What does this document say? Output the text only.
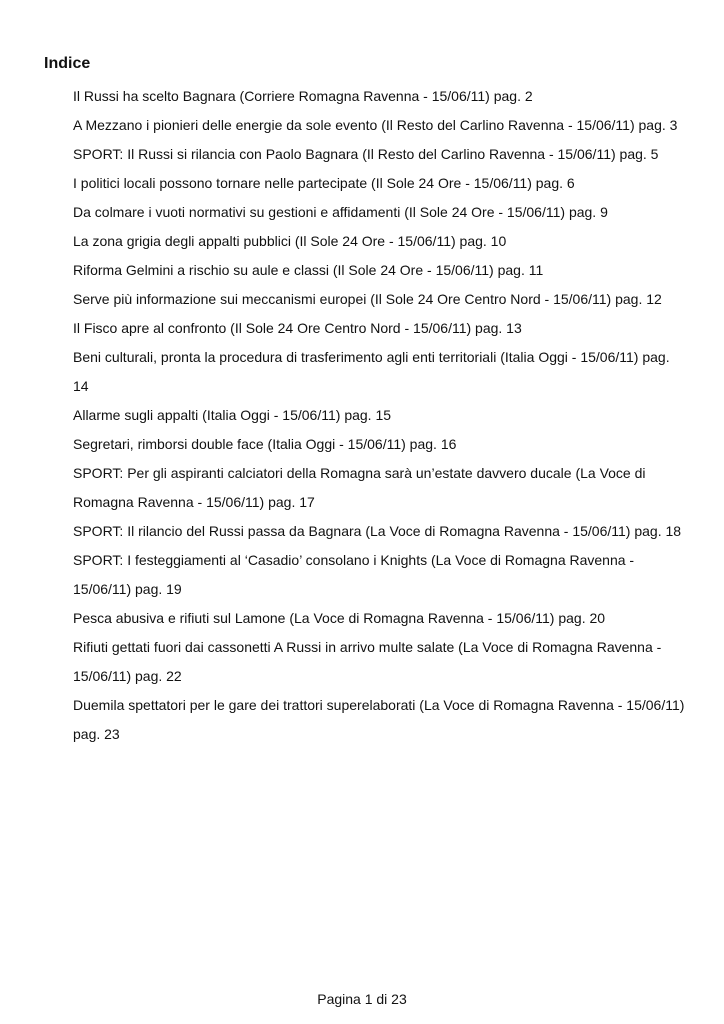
Indice
Il Russi ha scelto Bagnara (Corriere Romagna Ravenna - 15/06/11) pag. 2
A Mezzano i pionieri delle energie da sole evento (Il Resto del Carlino Ravenna - 15/06/11) pag. 3
SPORT: Il Russi si rilancia con Paolo Bagnara (Il Resto del Carlino Ravenna - 15/06/11) pag. 5
I politici locali possono tornare nelle partecipate (Il Sole 24 Ore - 15/06/11) pag. 6
Da colmare i vuoti normativi su gestioni e affidamenti (Il Sole 24 Ore - 15/06/11) pag. 9
La zona grigia degli appalti pubblici (Il Sole 24 Ore - 15/06/11) pag. 10
Riforma Gelmini a rischio su aule e classi (Il Sole 24 Ore - 15/06/11) pag. 11
Serve più informazione sui meccanismi europei (Il Sole 24 Ore Centro Nord - 15/06/11) pag. 12
Il Fisco apre al confronto (Il Sole 24 Ore Centro Nord - 15/06/11) pag. 13
Beni culturali, pronta la procedura di trasferimento agli enti territoriali (Italia Oggi - 15/06/11) pag. 14
Allarme sugli appalti (Italia Oggi - 15/06/11) pag. 15
Segretari, rimborsi double face (Italia Oggi - 15/06/11) pag. 16
SPORT: Per gli aspiranti calciatori della Romagna sarà un’estate davvero ducale (La Voce di Romagna Ravenna - 15/06/11) pag. 17
SPORT: Il rilancio del Russi passa da Bagnara (La Voce di Romagna Ravenna - 15/06/11) pag. 18
SPORT: I festeggiamenti al ‘Casadio’ consolano i Knights (La Voce di Romagna Ravenna - 15/06/11) pag. 19
Pesca abusiva e rifiuti sul Lamone (La Voce di Romagna Ravenna - 15/06/11) pag. 20
Rifiuti gettati fuori dai cassonetti A Russi in arrivo multe salate (La Voce di Romagna Ravenna - 15/06/11) pag. 22
Duemila spettatori per le gare dei trattori superelaborati (La Voce di Romagna Ravenna - 15/06/11) pag. 23
Pagina 1 di 23
